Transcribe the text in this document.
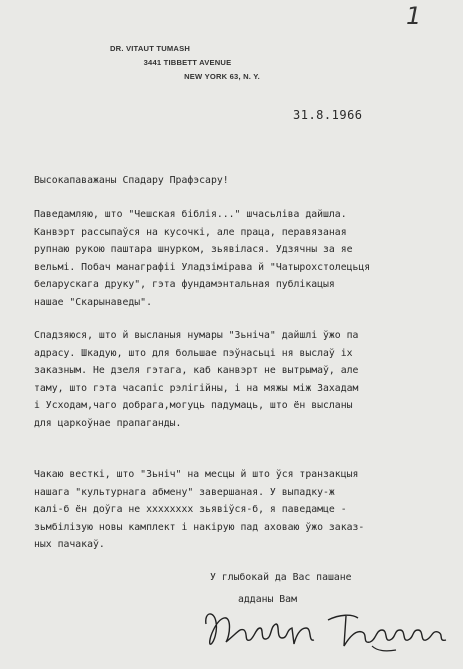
1
DR. VITAUT TUMASH
3441 TIBBETT AVENUE
NEW YORK 63, N. Y.
31.8.1966
Высокапаважаны Спадару Прафэсару!
Паведамляю, што "Чешская біблія..." шчасьліва дайшла.
Канвэрт рассыпаўся на кусочкі, але праца, перавязаная
рупнаю рукою паштара шнурком, зьявілася. Удзячны за яе
вельмі. Побач манаграфіі Уладзімірава й "Чатырохстолецьця
беларускага друку", гэта фундамэнтальная публікацыя
нашае "Скарынаведы".
Спадзяюся, што й высланыя нумары "Зьнiча" дайшлі ўжо па
адрасу. Шкадую, што для большае пэўнасьці ня выслаў іх
заказным. Не дзеля гэтага, каб канвэрт не вытрымаў, але
таму, што гэта часапіс рэлігійны, і на мяжы між Захадам
і Усходам,чаго добрага,могуць падумаць, што ён высланы
для царкоўнае прапаганды.
Чакаю весткі, што "Зьнiч" на месцы й што ўся транзакцыя
нашага "культурнага абмену" завершаная. У выпадку-ж
калі-б ён доўга не хххххххх зьявіўся-б, я паведамце -
зьмбілізую новы камплект і накірую пад аховаю ўжо заказ-
ных пачакаў.
У глыбокай да Вас пашане
адданы Вам
